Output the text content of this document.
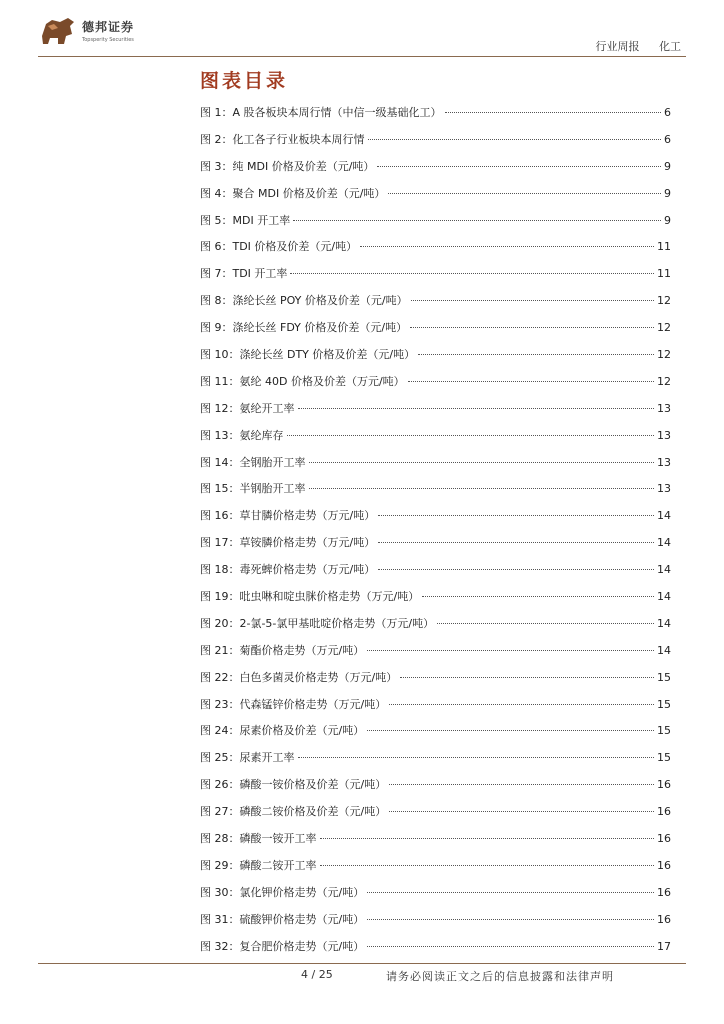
德邦证券
Topsperity Securities	行业周报 化工
图表目录
图 1：A 股各板块本周行情（中信一级基础化工）	6
图 2：化工各子行业板块本周行情	6
图 3：纯 MDI 价格及价差（元/吨）	9
图 4：聚合 MDI 价格及价差（元/吨）	9
图 5：MDI 开工率	9
图 6：TDI 价格及价差（元/吨）	11
图 7：TDI 开工率	11
图 8：涤纶长丝 POY 价格及价差（元/吨）	12
图 9：涤纶长丝 FDY 价格及价差（元/吨）	12
图 10：涤纶长丝 DTY 价格及价差（元/吨）	12
图 11：氨纶 40D 价格及价差（万元/吨）	12
图 12：氨纶开工率	13
图 13：氨纶库存	13
图 14：全钢胎开工率	13
图 15：半钢胎开工率	13
图 16：草甘膦价格走势（万元/吨）	14
图 17：草铵膦价格走势（万元/吨）	14
图 18：毒死蜱价格走势（万元/吨）	14
图 19：吡虫啉和啶虫脒价格走势（万元/吨）	14
图 20：2-氯-5-氯甲基吡啶价格走势（万元/吨）	14
图 21：菊酯价格走势（万元/吨）	14
图 22：白色多菌灵价格走势（万元/吨）	15
图 23：代森锰锌价格走势（万元/吨）	15
图 24：尿素价格及价差（元/吨）	15
图 25：尿素开工率	15
图 26：磷酸一铵价格及价差（元/吨）	16
图 27：磷酸二铵价格及价差（元/吨）	16
图 28：磷酸一铵开工率	16
图 29：磷酸二铵开工率	16
图 30：氯化钾价格走势（元/吨）	16
图 31：硫酸钾价格走势（元/吨）	16
图 32：复合肥价格走势（元/吨）	17
4 / 25	请务必阅读正文之后的信息披露和法律声明
